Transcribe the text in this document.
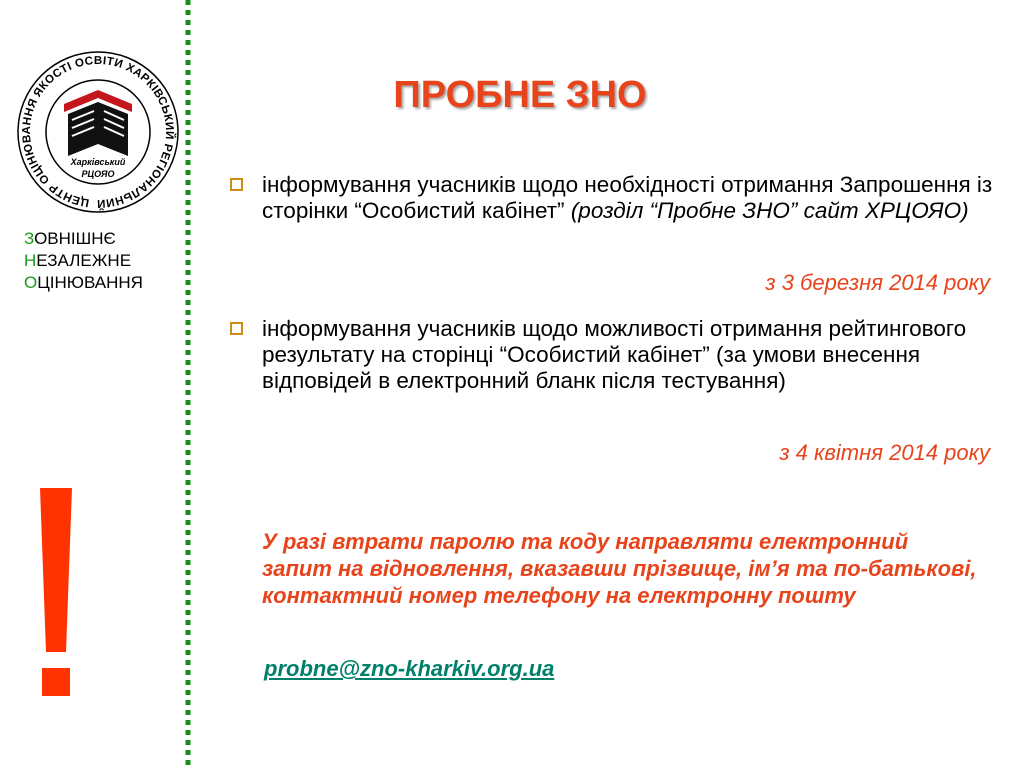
ЦЕНТР ОЦІНЮВАННЯ ЯКОСТІ ОСВІТИ ХАРКІВСЬКИЙ РЕГІОНАЛЬНИЙ
Харківський
РЦОЯО
ЗОВНІШНЄ
НЕЗАЛЕЖНЕ
ОЦІНЮВАННЯ
ПРОБНЕ ЗНО
інформування учасників щодо необхідності отримання Запрошення із сторінки “Особистий кабінет” (розділ “Пробне ЗНО” сайт ХРЦОЯО)
з 3 березня 2014 року
інформування учасників щодо можливості отримання рейтингового результату на сторінці “Особистий кабінет” (за умови внесення відповідей в електронний бланк після тестування)
з 4 квітня 2014 року
У разі втрати паролю та коду направляти електронний запит на відновлення, вказавши прізвище, ім’я та по-батькові, контактний номер телефону на електронну пошту
probne@zno-kharkiv.org.ua
